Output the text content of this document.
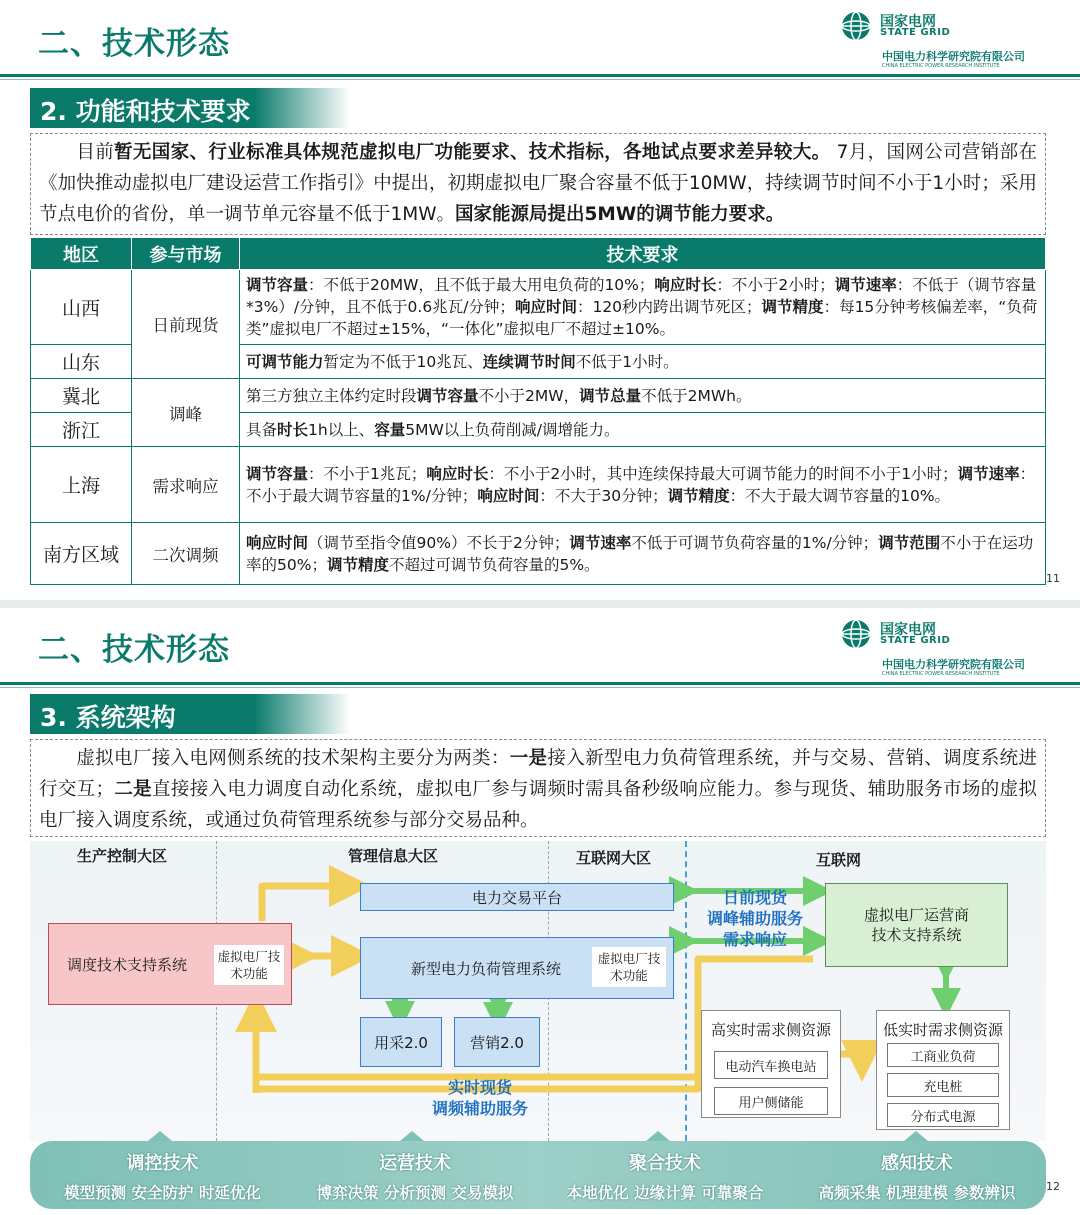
二、技术形态
国家电网
STATE GRID
中国电力科学研究院有限公司
CHINA ELECTRIC POWER RESEARCH INSTITUTE
2. 功能和技术要求
目前暂无国家、行业标准具体规范虚拟电厂功能要求、技术指标，各地试点要求差异较大。 7月，国网公司营销部在《加快推动虚拟电厂建设运营工作指引》中提出，初期虚拟电厂聚合容量不低于10MW，持续调节时间不小于1小时；采用节点电价的省份，单一调节单元容量不低于1MW。国家能源局提出5MW的调节能力要求。
地区	参与市场	技术要求
山西	日前现货	调节容量：不低于20MW，且不低于最大用电负荷的10%；响应时长：不小于2小时；调节速率：不低于（调节容量*3%）/分钟，且不低于0.6兆瓦/分钟；响应时间：120秒内跨出调节死区；调节精度：每15分钟考核偏差率，“负荷类”虚拟电厂不超过±15%，“一体化”虚拟电厂不超过±10%。
山东		可调节能力暂定为不低于10兆瓦、连续调节时间不低于1小时。
冀北	调峰	第三方独立主体约定时段调节容量不小于2MW，调节总量不低于2MWh。
浙江		具备时长1h以上、容量5MW以上负荷削减/调增能力。
上海	需求响应	调节容量：不小于1兆瓦；响应时长：不小于2小时，其中连续保持最大可调节能力的时间不小于1小时；调节速率：不小于最大调节容量的1%/分钟；响应时间：不大于30分钟；调节精度：不大于最大调节容量的10%。
南方区域	二次调频	响应时间（调节至指令值90%）不长于2分钟；调节速率不低于可调节负荷容量的1%/分钟；调节范围不小于在运功率的50%；调节精度不超过可调节负荷容量的5%。
11
二、技术形态
国家电网
STATE GRID
中国电力科学研究院有限公司
CHINA ELECTRIC POWER RESEARCH INSTITUTE
3. 系统架构
虚拟电厂接入电网侧系统的技术架构主要分为两类：一是接入新型电力负荷管理系统，并与交易、营销、调度系统进行交互；二是直接接入电力调度自动化系统，虚拟电厂参与调频时需具备秒级响应能力。参与现货、辅助服务市场的虚拟电厂接入调度系统，或通过负荷管理系统参与部分交易品种。
生产控制大区	管理信息大区	互联网大区	互联网
调度技术支持系统 虚拟电厂技术功能
电力交易平台
新型电力负荷管理系统
虚拟电厂技术功能
用采2.0	营销2.0
日前现货
调峰辅助服务
需求响应
实时现货
调频辅助服务
虚拟电厂运营商技术支持系统
高实时需求侧资源
电动汽车换电站
用户侧储能
低实时需求侧资源
工商业负荷
充电桩
分布式电源
调控技术
模型预测 安全防护 时延优化
运营技术
博弈决策 分析预测 交易模拟
聚合技术
本地优化 边缘计算 可靠聚合
感知技术
高频采集 机理建模 参数辨识	12
